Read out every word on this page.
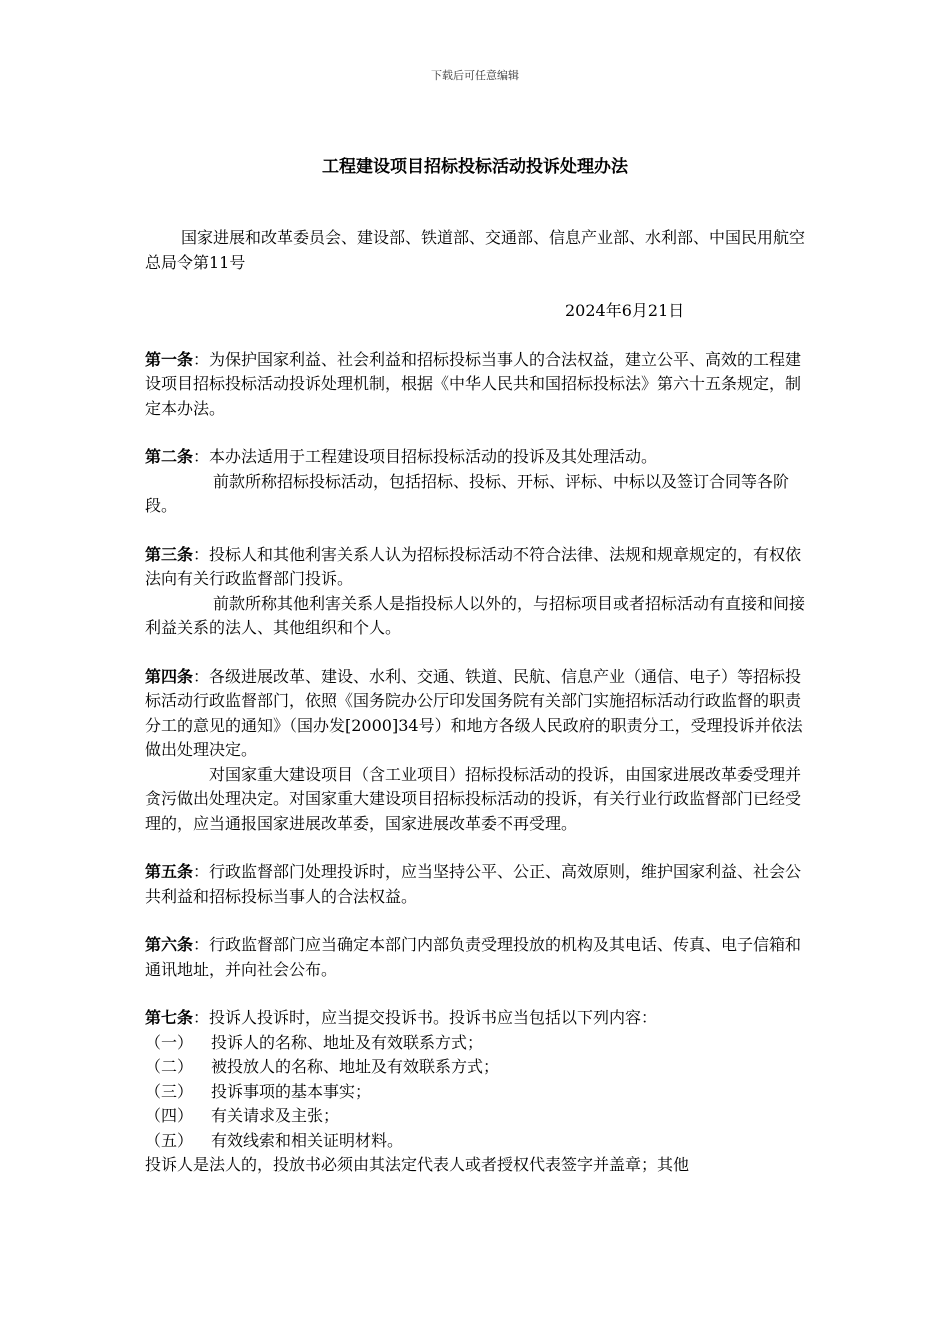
下载后可任意编辑
工程建设项目招标投标活动投诉处理办法

国家进展和改革委员会、建设部、铁道部、交通部、信息产业部、水利部、中国民用航空总局令第11号

2024年6月21日

第一条：为保护国家利益、社会利益和招标投标当事人的合法权益，建立公平、高效的工程建设项目招标投标活动投诉处理机制，根据《中华人民共和国招标投标法》第六十五条规定，制定本办法。

第二条：本办法适用于工程建设项目招标投标活动的投诉及其处理活动。

前款所称招标投标活动，包括招标、投标、开标、评标、中标以及签订合同等各阶段。

第三条：投标人和其他利害关系人认为招标投标活动不符合法律、法规和规章规定的，有权依法向有关行政监督部门投诉。

前款所称其他利害关系人是指投标人以外的，与招标项目或者招标活动有直接和间接利益关系的法人、其他组织和个人。

第四条：各级进展改革、建设、水利、交通、铁道、民航、信息产业（通信、电子）等招标投标活动行政监督部门，依照《国务院办公厅印发国务院有关部门实施招标活动行政监督的职责分工的意见的通知》（国办发[2000]34号）和地方各级人民政府的职责分工，受理投诉并依法做出处理决定。

对国家重大建设项目（含工业项目）招标投标活动的投诉，由国家进展改革委受理并贪污做出处理决定。对国家重大建设项目招标投标活动的投诉，有关行业行政监督部门已经受理的，应当通报国家进展改革委，国家进展改革委不再受理。

第五条：行政监督部门处理投诉时，应当坚持公平、公正、高效原则，维护国家利益、社会公共利益和招标投标当事人的合法权益。

第六条：行政监督部门应当确定本部门内部负责受理投放的机构及其电话、传真、电子信箱和通讯地址，并向社会公布。

第七条：投诉人投诉时，应当提交投诉书。投诉书应当包括以下列内容：

（一） 投诉人的名称、地址及有效联系方式；

（二） 被投放人的名称、地址及有效联系方式；

（三） 投诉事项的基本事实；

（四） 有关请求及主张；

（五） 有效线索和相关证明材料。

投诉人是法人的，投放书必须由其法定代表人或者授权代表签字并盖章；其他
